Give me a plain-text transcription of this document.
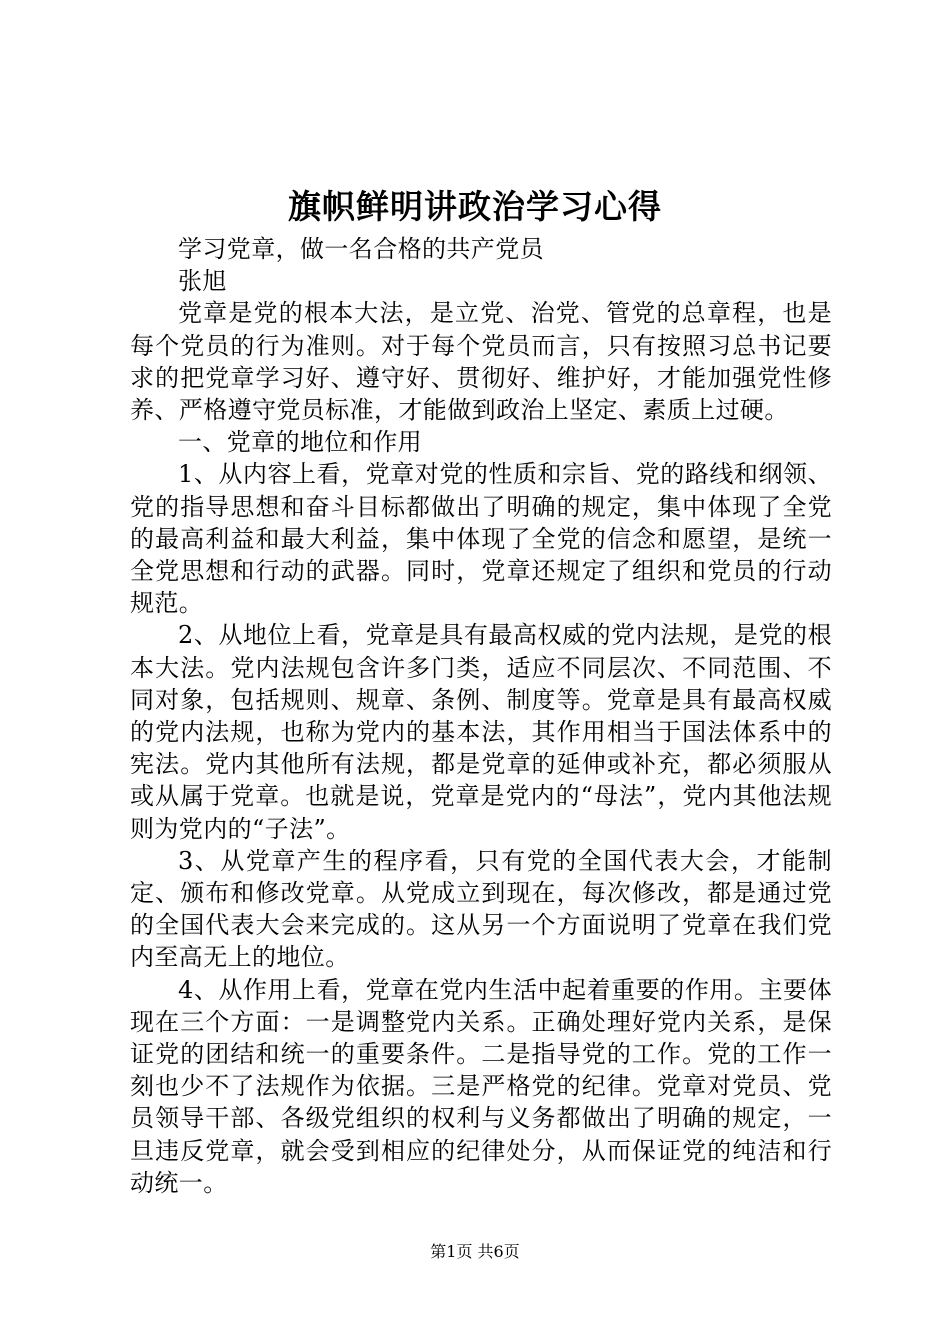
旗帜鲜明讲政治学习心得

学习党章，做一名合格的共产党员

张旭

党章是党的根本大法，是立党、治党、管党的总章程，也是每个党员的行为准则。对于每个党员而言，只有按照习总书记要求的把党章学习好、遵守好、贯彻好、维护好，才能加强党性修养、严格遵守党员标准，才能做到政治上坚定、素质上过硬。

一、党章的地位和作用

1、从内容上看，党章对党的性质和宗旨、党的路线和纲领、党的指导思想和奋斗目标都做出了明确的规定，集中体现了全党的最高利益和最大利益，集中体现了全党的信念和愿望，是统一全党思想和行动的武器。同时，党章还规定了组织和党员的行动规范。

2、从地位上看，党章是具有最高权威的党内法规，是党的根本大法。党内法规包含许多门类，适应不同层次、不同范围、不同对象，包括规则、规章、条例、制度等。党章是具有最高权威的党内法规，也称为党内的基本法，其作用相当于国法体系中的宪法。党内其他所有法规，都是党章的延伸或补充，都必须服从或从属于党章。也就是说，党章是党内的“母法”，党内其他法规则为党内的“子法”。

3、从党章产生的程序看，只有党的全国代表大会，才能制定、颁布和修改党章。从党成立到现在，每次修改，都是通过党的全国代表大会来完成的。这从另一个方面说明了党章在我们党内至高无上的地位。

4、从作用上看，党章在党内生活中起着重要的作用。主要体现在三个方面：一是调整党内关系。正确处理好党内关系，是保证党的团结和统一的重要条件。二是指导党的工作。党的工作一刻也少不了法规作为依据。三是严格党的纪律。党章对党员、党员领导干部、各级党组织的权利与义务都做出了明确的规定，一旦违反党章，就会受到相应的纪律处分，从而保证党的纯洁和行动统一。

第1页 共6页
